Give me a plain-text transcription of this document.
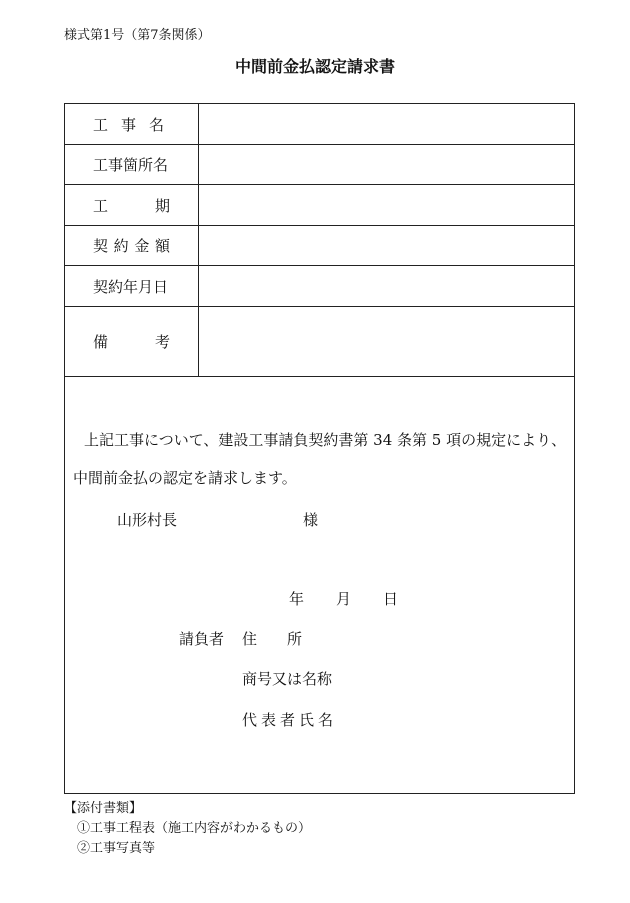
様式第1号（第7条関係）
中間前金払認定請求書
工 事 名
工事箇所名
工 期
契約金額
契約年月日
備 考
上記工事について、建設工事請負契約書第 34 条第 5 項の規定により、
中間前金払の認定を請求します。
山形村長	様
年 月 日
請負者 住　　所
商号又は名称
代表者氏名
【添付書類】
①工事工程表（施工内容がわかるもの）
②工事写真等
